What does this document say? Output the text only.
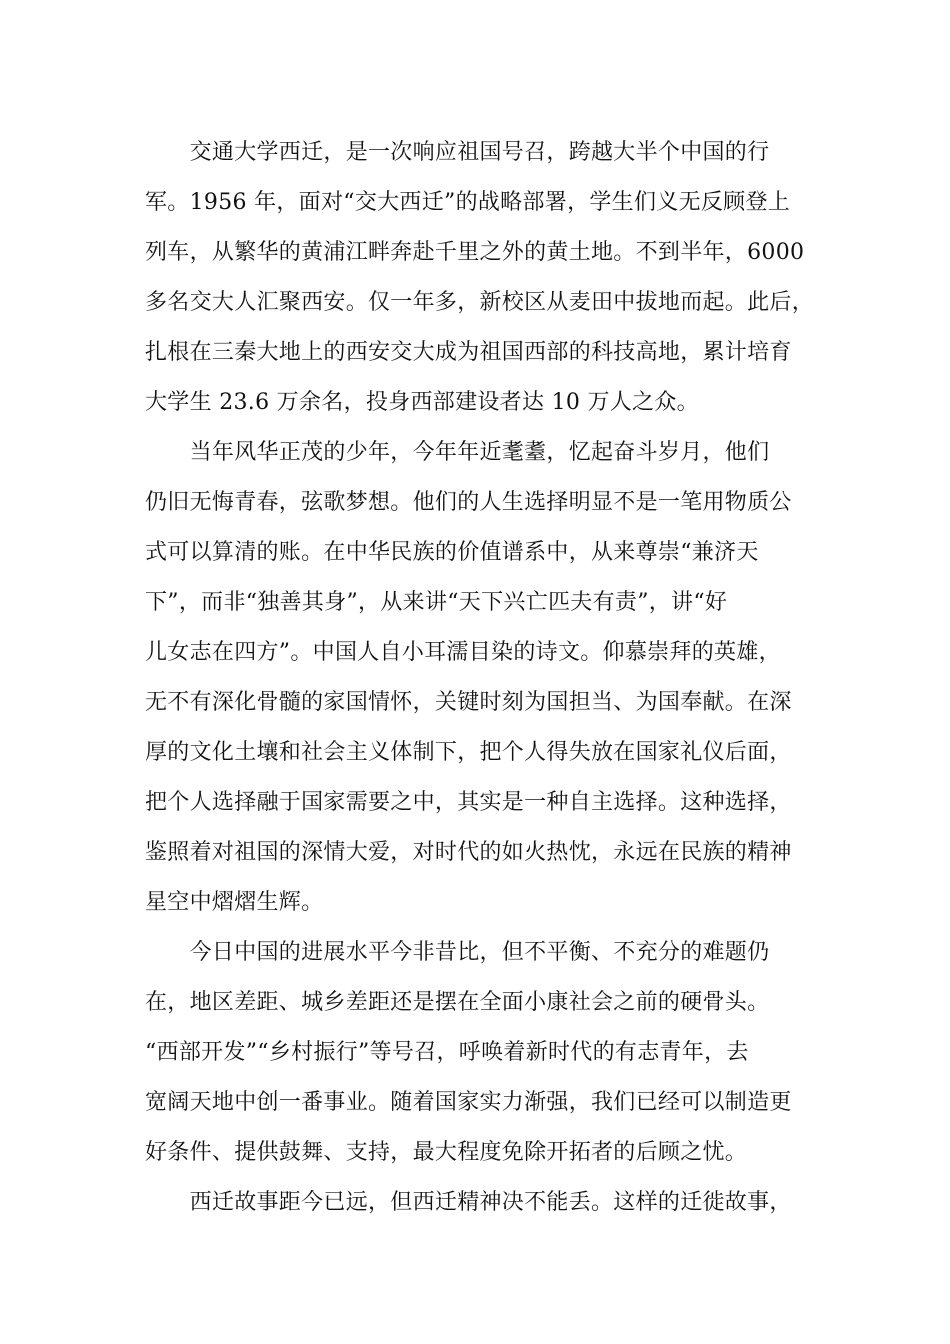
　　交通大学西迁，是一次响应祖国号召，跨越大半个中国的行
军。1956 年，面对“交大西迁”的战略部署，学生们义无反顾登上
列车，从繁华的黄浦江畔奔赴千里之外的黄土地。不到半年，6000
多名交大人汇聚西安。仅一年多，新校区从麦田中拔地而起。此后，
扎根在三秦大地上的西安交大成为祖国西部的科技高地，累计培育
大学生 23.6 万余名，投身西部建设者达 10 万人之众。
　　当年风华正茂的少年，今年年近耄耋，忆起奋斗岁月，他们
仍旧无悔青春，弦歌梦想。他们的人生选择明显不是一笔用物质公
式可以算清的账。在中华民族的价值谱系中，从来尊崇“兼济天
下”，而非“独善其身”，从来讲“天下兴亡匹夫有责”，讲“好
儿女志在四方”。中国人自小耳濡目染的诗文。仰慕崇拜的英雄，
无不有深化骨髓的家国情怀，关键时刻为国担当、为国奉献。在深
厚的文化土壤和社会主义体制下，把个人得失放在国家礼仪后面，
把个人选择融于国家需要之中，其实是一种自主选择。这种选择，
鉴照着对祖国的深情大爱，对时代的如火热忱，永远在民族的精神
星空中熠熠生辉。
　　今日中国的进展水平今非昔比，但不平衡、不充分的难题仍
在，地区差距、城乡差距还是摆在全面小康社会之前的硬骨头。
“西部开发”“乡村振行”等号召，呼唤着新时代的有志青年，去
宽阔天地中创一番事业。随着国家实力渐强，我们已经可以制造更
好条件、提供鼓舞、支持，最大程度免除开拓者的后顾之忧。
　　西迁故事距今已远，但西迁精神决不能丢。这样的迁徙故事，
